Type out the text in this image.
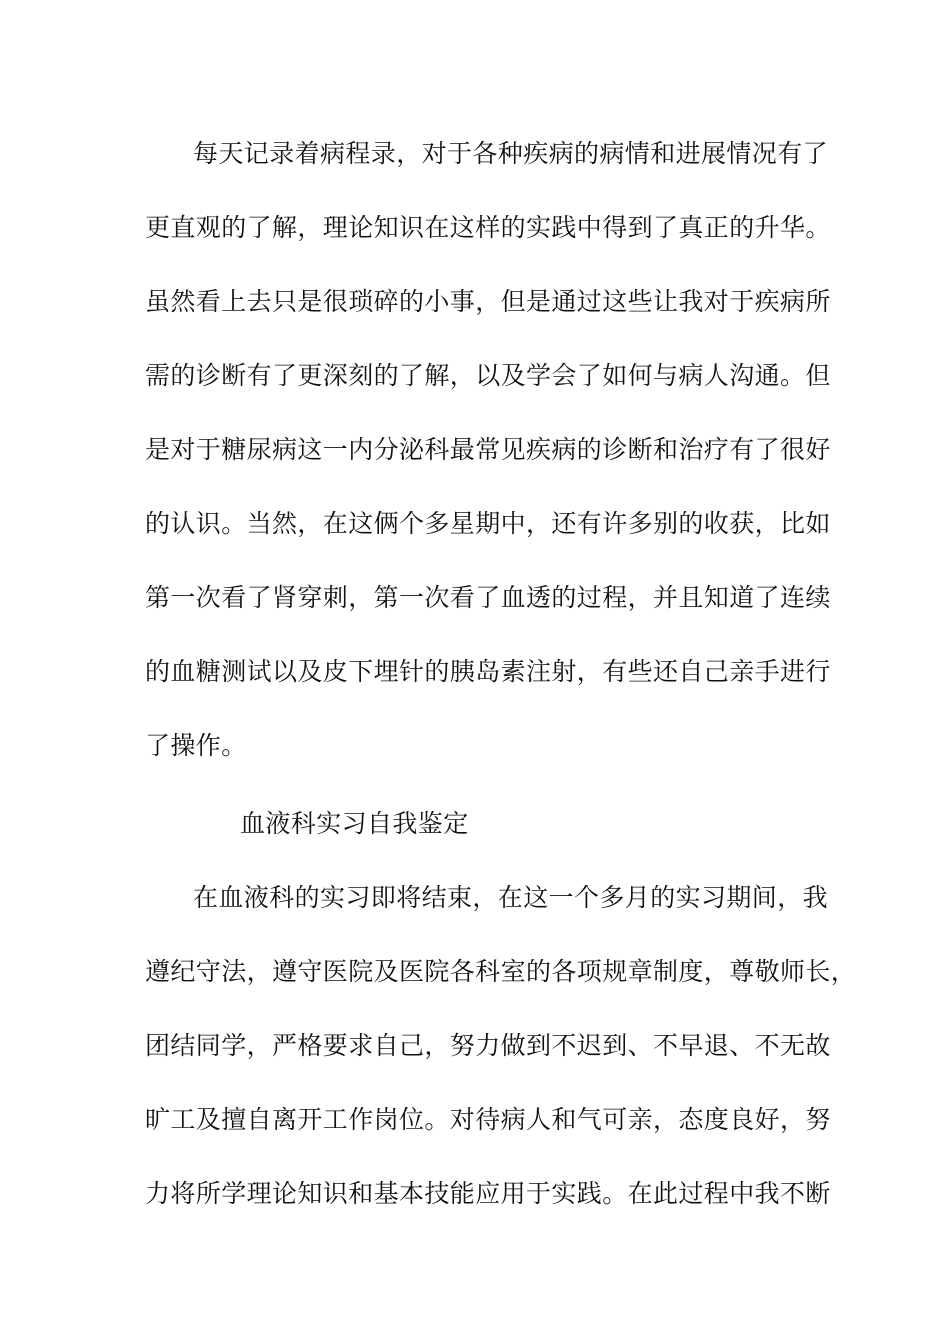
每天记录着病程录，对于各种疾病的病情和进展情况有了
更直观的了解，理论知识在这样的实践中得到了真正的升华。
虽然看上去只是很琐碎的小事，但是通过这些让我对于疾病所
需的诊断有了更深刻的了解，以及学会了如何与病人沟通。但
是对于糖尿病这一内分泌科最常见疾病的诊断和治疗有了很好
的认识。当然，在这俩个多星期中，还有许多别的收获，比如
第一次看了肾穿刺，第一次看了血透的过程，并且知道了连续
的血糖测试以及皮下埋针的胰岛素注射，有些还自己亲手进行
了操作。
血液科实习自我鉴定
在血液科的实习即将结束，在这一个多月的实习期间，我
遵纪守法，遵守医院及医院各科室的各项规章制度，尊敬师长，
团结同学，严格要求自己，努力做到不迟到、不早退、不无故
旷工及擅自离开工作岗位。对待病人和气可亲，态度良好，努
力将所学理论知识和基本技能应用于实践。在此过程中我不断
